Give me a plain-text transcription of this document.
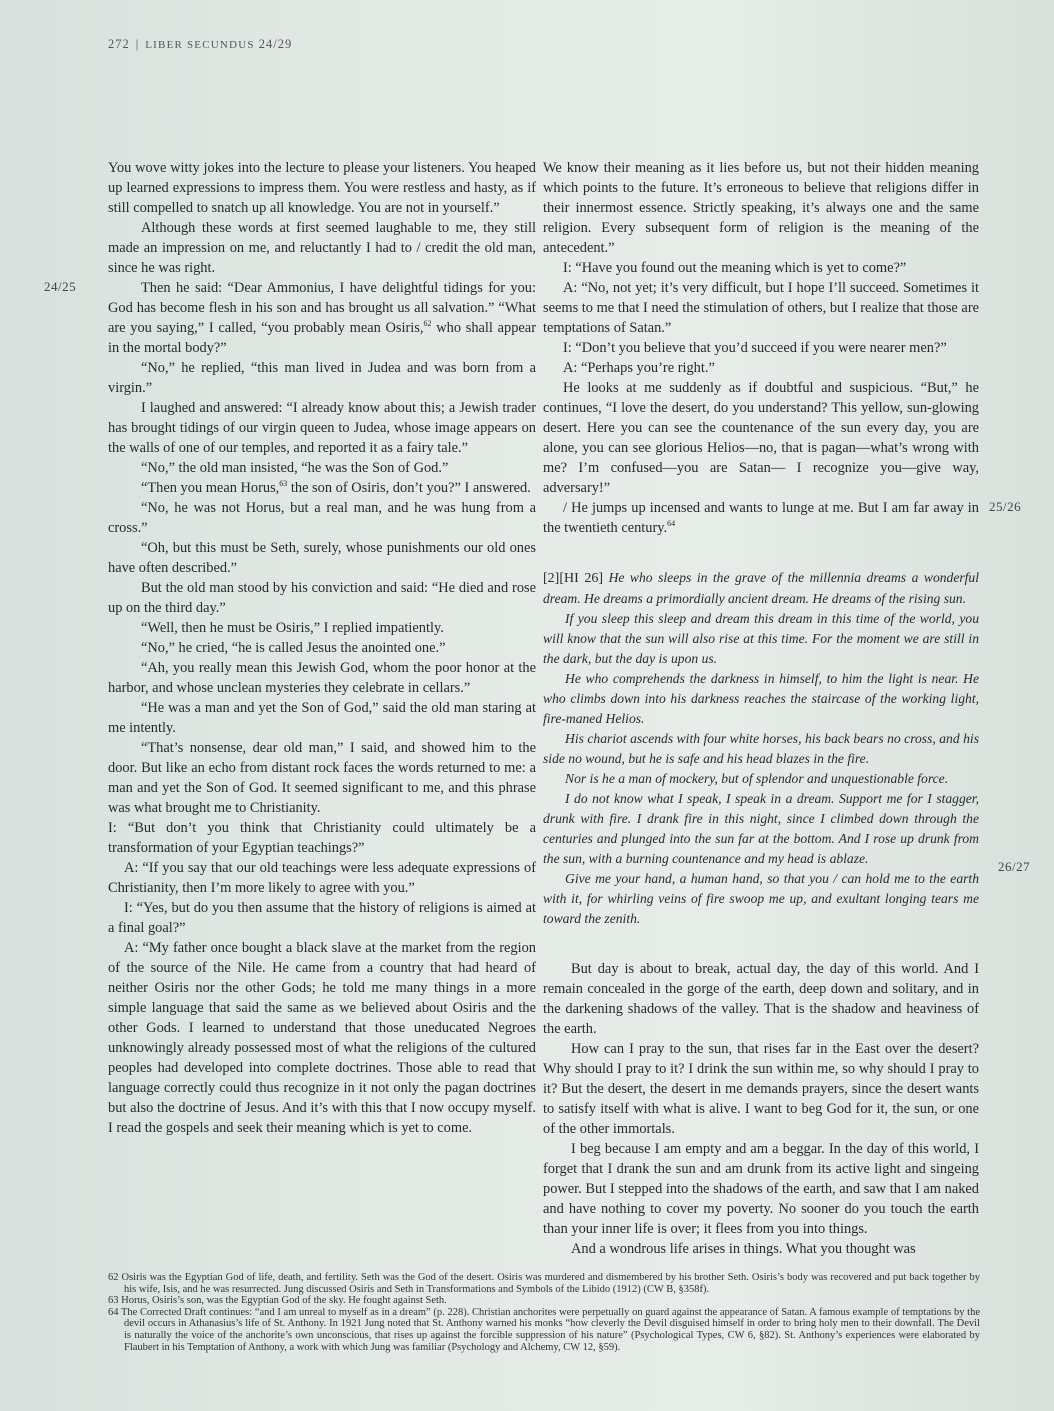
272 | LIBER SECUNDUS 24/29
24/25
25/26
26/27

You wove witty jokes into the lecture to please your listeners. You heaped up learned expressions to impress them. You were restless and hasty, as if still compelled to snatch up all knowledge. You are not in yourself.”

Although these words at first seemed laughable to me, they still made an impression on me, and reluctantly I had to / credit the old man, since he was right.

Then he said: “Dear Ammonius, I have delightful tidings for you: God has become flesh in his son and has brought us all salvation.” “What are you saying,” I called, “you probably mean Osiris,$^{62}$ who shall appear in the mortal body?”

“No,” he replied, “this man lived in Judea and was born from a virgin.”

I laughed and answered: “I already know about this; a Jewish trader has brought tidings of our virgin queen to Judea, whose image appears on the walls of one of our temples, and reported it as a fairy tale.”

“No,” the old man insisted, “he was the Son of God.”

“Then you mean Horus,$^{63}$ the son of Osiris, don’t you?” I answered.

“No, he was not Horus, but a real man, and he was hung from a cross.”

“Oh, but this must be Seth, surely, whose punishments our old ones have often described.”

But the old man stood by his conviction and said: “He died and rose up on the third day.”

“Well, then he must be Osiris,” I replied impatiently.

“No,” he cried, “he is called Jesus the anointed one.”

“Ah, you really mean this Jewish God, whom the poor honor at the harbor, and whose unclean mysteries they celebrate in cellars.”

“He was a man and yet the Son of God,” said the old man staring at me intently.

“That’s nonsense, dear old man,” I said, and showed him to the door. But like an echo from distant rock faces the words returned to me: a man and yet the Son of God. It seemed significant to me, and this phrase was what brought me to Christianity.

I: “But don’t you think that Christianity could ultimately be a transformation of your Egyptian teachings?”

A: “If you say that our old teachings were less adequate expressions of Christianity, then I’m more likely to agree with you.”

I: “Yes, but do you then assume that the history of religions is aimed at a final goal?”

A: “My father once bought a black slave at the market from the region of the source of the Nile. He came from a country that had heard of neither Osiris nor the other Gods; he told me many things in a more simple language that said the same as we believed about Osiris and the other Gods. I learned to understand that those uneducated Negroes unknowingly already possessed most of what the religions of the cultured peoples had developed into complete doctrines. Those able to read that language correctly could thus recognize in it not only the pagan doctrines but also the doctrine of Jesus. And it’s with this that I now occupy myself. I read the gospels and seek their meaning which is yet to come.

We know their meaning as it lies before us, but not their hidden meaning which points to the future. It’s erroneous to believe that religions differ in their innermost essence. Strictly speaking, it’s always one and the same religion. Every subsequent form of religion is the meaning of the antecedent.”

I: “Have you found out the meaning which is yet to come?”

A: “No, not yet; it’s very difficult, but I hope I’ll succeed. Sometimes it seems to me that I need the stimulation of others, but I realize that those are temptations of Satan.”

I: “Don’t you believe that you’d succeed if you were nearer men?”

A: “Perhaps you’re right.”

He looks at me suddenly as if doubtful and suspicious. “But,” he continues, “I love the desert, do you understand? This yellow, sun-glowing desert. Here you can see the countenance of the sun every day, you are alone, you can see glorious Helios—no, that is pagan—what’s wrong with me? I’m confused—you are Satan— I recognize you—give way, adversary!”

/ He jumps up incensed and wants to lunge at me. But I am far away in the twentieth century.$^{64}$

[2][HI 26] He who sleeps in the grave of the millennia dreams a wonderful dream. He dreams a primordially ancient dream. He dreams of the rising sun.

If you sleep this sleep and dream this dream in this time of the world, you will know that the sun will also rise at this time. For the moment we are still in the dark, but the day is upon us.

He who comprehends the darkness in himself, to him the light is near. He who climbs down into his darkness reaches the staircase of the working light, fire-maned Helios.

His chariot ascends with four white horses, his back bears no cross, and his side no wound, but he is safe and his head blazes in the fire.

Nor is he a man of mockery, but of splendor and unquestionable force.

I do not know what I speak, I speak in a dream. Support me for I stagger, drunk with fire. I drank fire in this night, since I climbed down through the centuries and plunged into the sun far at the bottom. And I rose up drunk from the sun, with a burning countenance and my head is ablaze.

Give me your hand, a human hand, so that you / can hold me to the earth with it, for whirling veins of fire swoop me up, and exultant longing tears me toward the zenith.

But day is about to break, actual day, the day of this world. And I remain concealed in the gorge of the earth, deep down and solitary, and in the darkening shadows of the valley. That is the shadow and heaviness of the earth.

How can I pray to the sun, that rises far in the East over the desert? Why should I pray to it? I drink the sun within me, so why should I pray to it? But the desert, the desert in me demands prayers, since the desert wants to satisfy itself with what is alive. I want to beg God for it, the sun, or one of the other immortals.

I beg because I am empty and am a beggar. In the day of this world, I forget that I drank the sun and am drunk from its active light and singeing power. But I stepped into the shadows of the earth, and saw that I am naked and have nothing to cover my poverty. No sooner do you touch the earth than your inner life is over; it flees from you into things.

And a wondrous life arises in things. What you thought was

62 Osiris was the Egyptian God of life, death, and fertility. Seth was the God of the desert. Osiris was murdered and dismembered by his brother Seth. Osiris’s body was recovered and put back together by his wife, Isis, and he was resurrected. Jung discussed Osiris and Seth in Transformations and Symbols of the Libido (1912) (CW B, §358f).

63 Horus, Osiris’s son, was the Egyptian God of the sky. He fought against Seth.

64 The Corrected Draft continues: “and I am unreal to myself as in a dream” (p. 228). Christian anchorites were perpetually on guard against the appearance of Satan. A famous example of temptations by the devil occurs in Athanasius’s life of St. Anthony. In 1921 Jung noted that St. Anthony warned his monks “how cleverly the Devil disguised himself in order to bring holy men to their downfall. The Devil is naturally the voice of the anchorite’s own unconscious, that rises up against the forcible suppression of his nature” (Psychological Types, CW 6, §82). St. Anthony’s experiences were elaborated by Flaubert in his Temptation of Anthony, a work with which Jung was familiar (Psychology and Alchemy, CW 12, §59).
